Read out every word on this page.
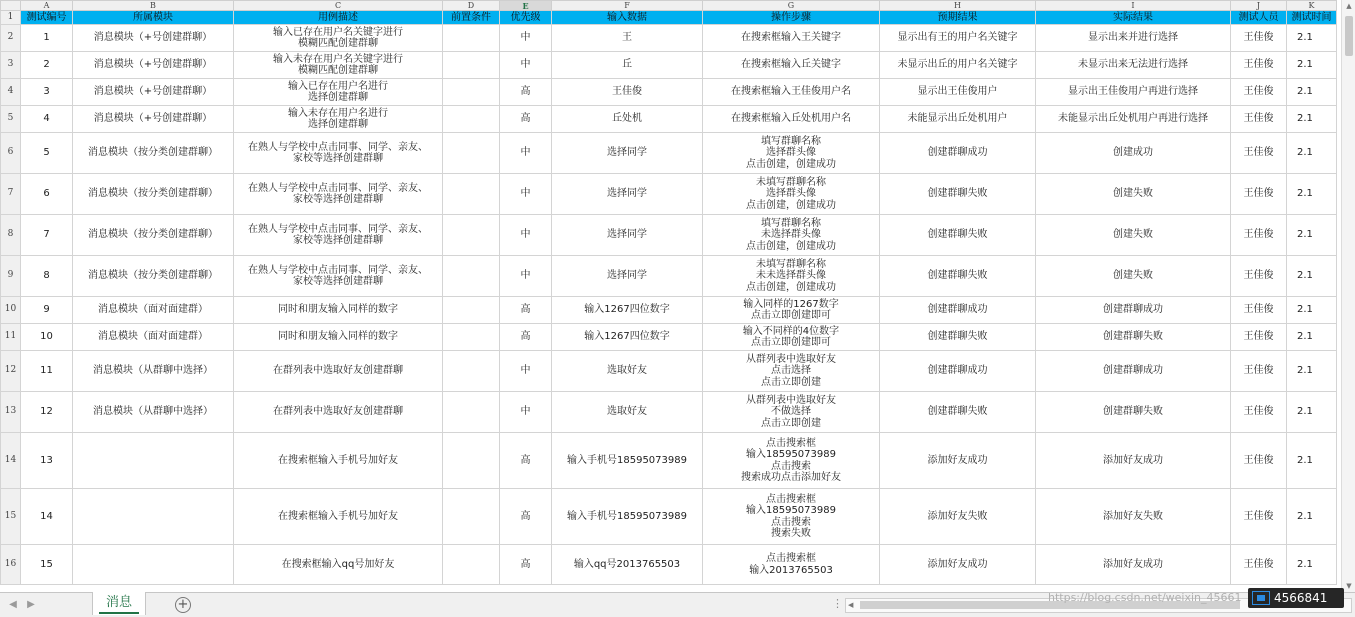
	A	B	C	D	E	F	G	H	I	J	K
1	测试编号	所属模块	用例描述	前置条件	优先级	输入数据	操作步骤	预期结果	实际结果	测试人员	测试时间
2	1	消息模块（+号创建群聊）	输入已存在用户名关键字进行
模糊匹配创建群聊		中	王	在搜索框输入王关键字	显示出有王的用户名关键字	显示出来并进行选择	王佳俊	2.1
3	2	消息模块（+号创建群聊）	输入未存在用户名关键字进行
模糊匹配创建群聊		中	丘	在搜索框输入丘关键字	未显示出丘的用户名关键字	未显示出来无法进行选择	王佳俊	2.1
4	3	消息模块（+号创建群聊）	输入已存在用户名进行
选择创建群聊		高	王佳俊	在搜索框输入王佳俊用户名	显示出王佳俊用户	显示出王佳俊用户再进行选择	王佳俊	2.1
5	4	消息模块（+号创建群聊）	输入未存在用户名进行
选择创建群聊		高	丘处机	在搜索框输入丘处机用户名	未能显示出丘处机用户	未能显示出丘处机用户再进行选择	王佳俊	2.1
6	5	消息模块（按分类创建群聊）	在熟人与学校中点击同事、同学、亲友、
家校等选择创建群聊		中	选择同学	填写群聊名称
选择群头像
点击创建，创建成功	创建群聊成功	创建成功	王佳俊	2.1
7	6	消息模块（按分类创建群聊）	在熟人与学校中点击同事、同学、亲友、
家校等选择创建群聊		中	选择同学	未填写群聊名称
选择群头像
点击创建，创建成功	创建群聊失败	创建失败	王佳俊	2.1
8	7	消息模块（按分类创建群聊）	在熟人与学校中点击同事、同学、亲友、
家校等选择创建群聊		中	选择同学	填写群聊名称
未选择群头像
点击创建，创建成功	创建群聊失败	创建失败	王佳俊	2.1
9	8	消息模块（按分类创建群聊）	在熟人与学校中点击同事、同学、亲友、
家校等选择创建群聊		中	选择同学	未填写群聊名称
未未选择群头像
点击创建，创建成功	创建群聊失败	创建失败	王佳俊	2.1
10	9	消息模块（面对面建群）	同时和朋友输入同样的数字		高	输入1267四位数字	输入同样的1267数字
点击立即创建即可	创建群聊成功	创建群聊成功	王佳俊	2.1
11	10	消息模块（面对面建群）	同时和朋友输入同样的数字		高	输入1267四位数字	输入不同样的4位数字
点击立即创建即可	创建群聊失败	创建群聊失败	王佳俊	2.1
12	11	消息模块（从群聊中选择）	在群列表中选取好友创建群聊		中	选取好友	从群列表中选取好友
点击选择
点击立即创建	创建群聊成功	创建群聊成功	王佳俊	2.1
13	12	消息模块（从群聊中选择）	在群列表中选取好友创建群聊		中	选取好友	从群列表中选取好友
不做选择
点击立即创建	创建群聊失败	创建群聊失败	王佳俊	2.1
14	13		在搜索框输入手机号加好友		高	输入手机号18595073989	点击搜索框
输入18595073989
点击搜索
搜索成功点击添加好友	添加好友成功	添加好友成功	王佳俊	2.1
15	14		在搜索框输入手机号加好友		高	输入手机号18595073989	点击搜索框
输入18595073989
点击搜索
搜索失败	添加好友失败	添加好友失败	王佳俊	2.1
16	15		在搜索框输入qq号加好友		高	输入qq号2013765503	点击搜索框
输入2013765503	添加好友成功	添加好友成功	王佳俊	2.1
▲
▼
◀	▶	消息	+	⋮ ◀
https://blog.csdn.net/weixin_45661	4566841
